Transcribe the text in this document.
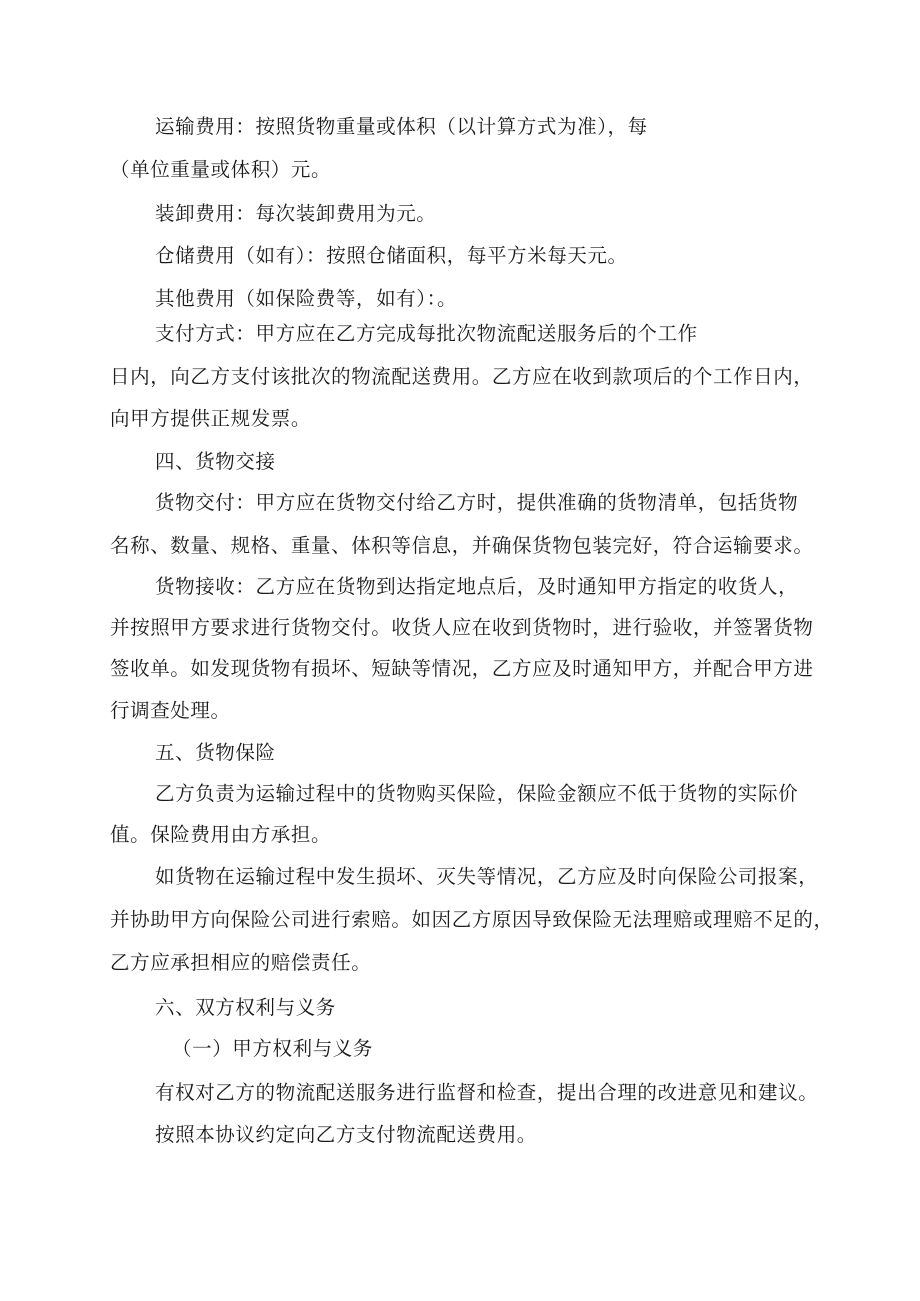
运输费用：按照货物重量或体积（以计算方式为准），每
（单位重量或体积）元。
装卸费用：每次装卸费用为元。
仓储费用（如有）：按照仓储面积，每平方米每天元。
其他费用（如保险费等，如有）：。
支付方式：甲方应在乙方完成每批次物流配送服务后的个工作
日内，向乙方支付该批次的物流配送费用。乙方应在收到款项后的个工作日内，
向甲方提供正规发票。
四、货物交接
货物交付：甲方应在货物交付给乙方时，提供准确的货物清单，包括货物
名称、数量、规格、重量、体积等信息，并确保货物包装完好，符合运输要求。
货物接收：乙方应在货物到达指定地点后，及时通知甲方指定的收货人，
并按照甲方要求进行货物交付。收货人应在收到货物时，进行验收，并签署货物
签收单。如发现货物有损坏、短缺等情况，乙方应及时通知甲方，并配合甲方进
行调查处理。
五、货物保险
乙方负责为运输过程中的货物购买保险，保险金额应不低于货物的实际价
值。保险费用由方承担。
如货物在运输过程中发生损坏、灭失等情况，乙方应及时向保险公司报案，
并协助甲方向保险公司进行索赔。如因乙方原因导致保险无法理赔或理赔不足的，
乙方应承担相应的赔偿责任。
六、双方权利与义务
（一）甲方权利与义务
有权对乙方的物流配送服务进行监督和检查，提出合理的改进意见和建议。
按照本协议约定向乙方支付物流配送费用。
